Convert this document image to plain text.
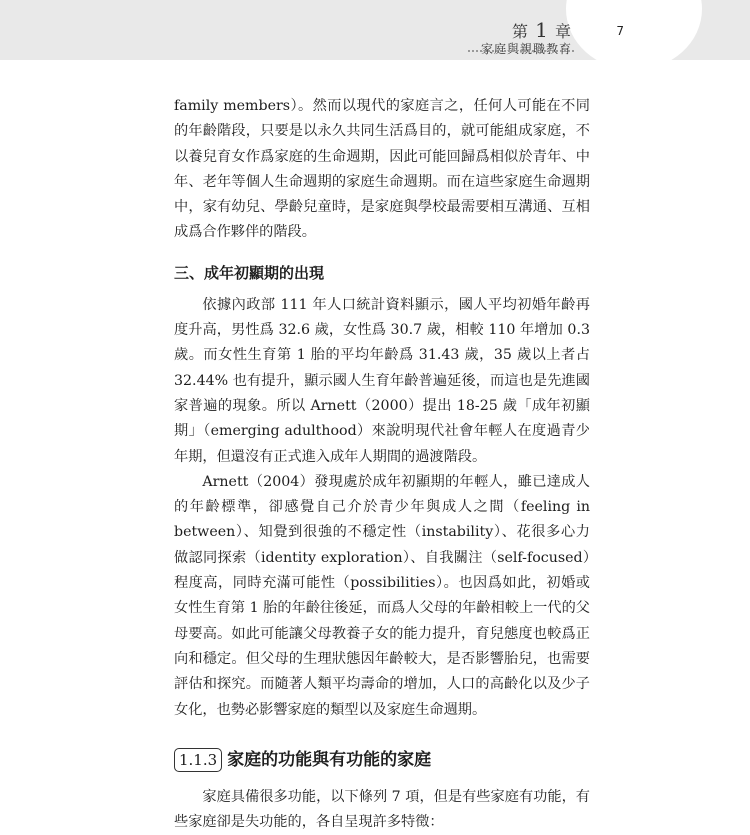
第 1 章
家庭與親職教育
7

family members）。然而以現代的家庭言之，任何人可能在不同的年齡階段，只要是以永久共同生活爲目的，就可能組成家庭，不以養兒育女作爲家庭的生命週期，因此可能回歸爲相似於青年、中年、老年等個人生命週期的家庭生命週期。而在這些家庭生命週期中，家有幼兒、學齡兒童時，是家庭與學校最需要相互溝通、互相成爲合作夥伴的階段。

三、成年初顯期的出現

依據內政部 111 年人口統計資料顯示，國人平均初婚年齡再度升高，男性爲 32.6 歲，女性爲 30.7 歲，相較 110 年增加 0.3 歲。而女性生育第 1 胎的平均年齡爲 31.43 歲，35 歲以上者占 32.44% 也有提升，顯示國人生育年齡普遍延後，而這也是先進國家普遍的現象。所以 Arnett（2000）提出 18-25 歲「成年初顯期」（emerging adulthood）來說明現代社會年輕人在度過青少年期，但還沒有正式進入成年人期間的過渡階段。

Arnett（2004）發現處於成年初顯期的年輕人，雖已達成人的年齡標準，卻感覺自己介於青少年與成人之間（feeling in between）、知覺到很強的不穩定性（instability）、花很多心力做認同探索（identity exploration）、自我關注（self-focused）程度高，同時充滿可能性（possibilities）。也因爲如此，初婚或女性生育第 1 胎的年齡往後延，而爲人父母的年齡相較上一代的父母要高。如此可能讓父母教養子女的能力提升，育兒態度也較爲正向和穩定。但父母的生理狀態因年齡較大，是否影響胎兒，也需要評估和探究。而隨著人類平均壽命的增加，人口的高齡化以及少子女化，也勢必影響家庭的類型以及家庭生命週期。

1.1.3 家庭的功能與有功能的家庭

家庭具備很多功能，以下條列 7 項，但是有些家庭有功能，有些家庭卻是失功能的，各自呈現許多特徵：
